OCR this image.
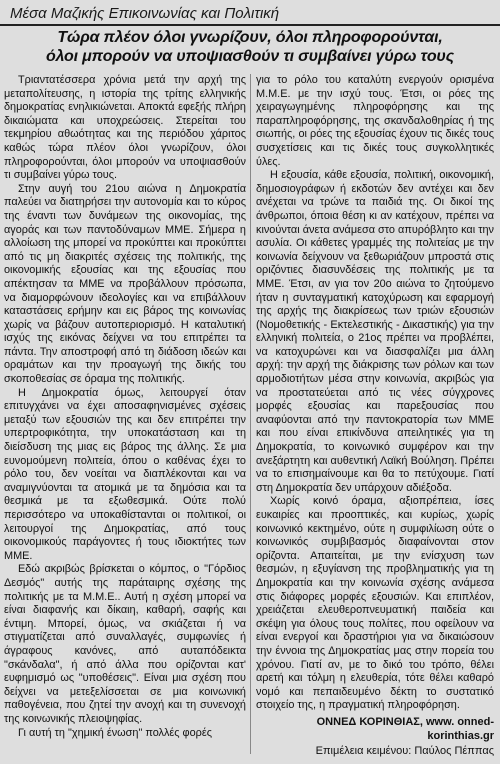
Μέσα Μαζικής Επικοινωνίας και Πολιτική
Τώρα πλέον όλοι γνωρίζουν, όλοι πληροφορούνται,
όλοι μπορούν να υποψιασθούν τι συμβαίνει γύρω τους

Τριαντατέσσερα χρόνια μετά την αρχή της μεταπολίτευσης, η ιστορία της τρίτης ελληνικής δημοκρατίας ενηλικιώνεται. Αποκτά εφεξής πλήρη δικαιώματα και υποχρεώσεις. Στερείται του τεκμηρίου αθωότητας και της περιόδου χάριτος καθώς τώρα πλέον όλοι γνωρίζουν, όλοι πληροφορούνται, όλοι μπορούν να υποψιασθούν τι συμβαίνει γύρω τους.

Στην αυγή του 21ου αιώνα η Δημοκρατία παλεύει να διατηρήσει την αυτονομία και το κύρος της έναντι των δυνάμεων της οικονομίας, της αγοράς και των παντοδύναμων ΜΜΕ. Σήμερα η αλλοίωση της μπορεί να προκύπτει και προκύπτει από τις μη διακριτές σχέσεις της πολιτικής, της οικονομικής εξουσίας και της εξουσίας που απέκτησαν τα ΜΜΕ να προβάλλουν πρόσωπα, να διαμορφώνουν ιδεολογίες και να επιβάλλουν καταστάσεις ερήμην και εις βάρος της κοινωνίας χωρίς να βάζουν αυτοπεριορισμό. Η καταλυτική ισχύς της εικόνας δείχνει να του επιτρέπει τα πάντα. Την αποστροφή από τη διάδοση ιδεών και οραμάτων και την προαγωγή της δικής του σκοποθεσίας σε όραμα της πολιτικής.

Η Δημοκρατία όμως, λειτουργεί όταν επιτυγχάνει να έχει αποσαφηνισμένες σχέσεις μεταξύ των εξουσιών της και δεν επιτρέπει την υπερτροφικότητα, την υποκατάσταση και τη διείσδυση της μιας εις βάρος της άλλης. Σε μια ευνομούμενη πολιτεία, όπου ο καθένας έχει το ρόλο του, δεν νοείται να διαπλέκονται και να αναμιγνύονται τα ατομικά με τα δημόσια και τα θεσμικά με τα εξωθεσμικά. Ούτε πολύ περισσότερο να υποκαθίστανται οι πολιτικοί, οι λειτουργοί της Δημοκρατίας, από τους οικονομικούς παράγοντες ή τους ιδιοκτήτες των ΜΜΕ.

Εδώ ακριβώς βρίσκεται ο κόμπος, ο "Γόρδιος Δεσμός" αυτής της παράταιρης σχέσης της πολιτικής με τα Μ.Μ.Ε.. Αυτή η σχέση μπορεί να είναι διαφανής και δίκαιη, καθαρή, σαφής και έντιμη. Μπορεί, όμως, να σκιάζεται ή να στιγματίζεται από συναλλαγές, συμφωνίες ή άγραφους κανόνες, από αυταπόδεικτα "σκάνδαλα", ή από άλλα που ορίζονται κατ' ευφημισμό ως "υποθέσεις". Είναι μια σχέση που δείχνει να μετεξελίσσεται σε μια κοινωνική παθογένεια, που ζητεί την ανοχή και τη συνενοχή της κοινωνικής πλειοψηφίας.

Γι αυτή τη "χημική ένωση" πολλές φορές

για το ρόλο του καταλύτη ενεργούν ορισμένα Μ.Μ.Ε. με την ισχύ τους. Έτσι, οι ρόες της χειραγωγημένης πληροφόρησης και της παραπληροφόρησης, της σκανδαλοθηρίας ή της σιωπής, οι ρόες της εξουσίας έχουν τις δικές τους συσχετίσεις και τις δικές τους συγκολλητικές ύλες.

Η εξουσία, κάθε εξουσία, πολιτική, οικονομική, δημοσιογράφων ή εκδοτών δεν αντέχει και δεν ανέχεται να τρώνε τα παιδιά της. Οι δικοί της άνθρωποι, όποια θέση κι αν κατέχουν, πρέπει να κινούνται άνετα ανάμεσα στο απυρόβλητο και την ασυλία. Οι κάθετες γραμμές της πολιτείας με την κοινωνία δείχνουν να ξεθωριάζουν μπροστά στις οριζόντιες διασυνδέσεις της πολιτικής με τα ΜΜΕ. Έτσι, αν για τον 20ο αιώνα το ζητούμενο ήταν η συνταγματική κατοχύρωση και εφαρμογή της αρχής της διακρίσεως των τριών εξουσιών (Νομοθετικής - Εκτελεστικής - Δικαστικής) για την ελληνική πολιτεία, ο 21ος πρέπει να προβλέπει, να κατοχυρώνει και να διασφαλίζει μια άλλη αρχή: την αρχή της διάκρισης των ρόλων και των αρμοδιοτήτων μέσα στην κοινωνία, ακριβώς για να προστατεύεται από τις νέες σύγχρονες μορφές εξουσίας και παρεξουσίας που αναφύονται από την παντοκρατορία των ΜΜΕ και που είναι επικίνδυνα απειλητικές για τη Δημοκρατία, το κοινωνικό συμφέρον και την ανεξάρτητη και αυθεντική Λαϊκή Βούληση. Πρέπει να το επισημαίνουμε και θα το πετύχουμε. Γιατί στη Δημοκρατία δεν υπάρχουν αδιέξοδα.

Χωρίς κοινό όραμα, αξιοπρέπεια, ίσες ευκαιρίες και προοπτικές, και κυρίως, χωρίς κοινωνικό κεκτημένο, ούτε η συμφιλίωση ούτε ο κοινωνικός συμβιβασμός διαφαίνονται στον ορίζοντα. Απαιτείται, με την ενίσχυση των θεσμών, η εξυγίανση της προβληματικής για τη Δημοκρατία και την κοινωνία σχέσης ανάμεσα στις διάφορες μορφές εξουσιών. Και επιπλέον, χρειάζεται ελευθεροπνευματική παιδεία και σκέψη για όλους τους πολίτες, που οφείλουν να είναι ενεργοί και δραστήριοι για να δικαιώσουν την έννοια της Δημοκρατίας μας στην πορεία του χρόνου. Γιατί αν, με το δικό του τρόπο, θέλει αρετή και τόλμη η ελευθερία, τότε θέλει καθαρό νομό και πεπαιδευμένο δέκτη το συστατικό στοιχείο της, η πραγματική πληροφόρηση.

ΟΝΝΕΔ ΚΟΡΙΝΘΙΑΣ, www. onned-korinthias.gr
Επιμέλεια κειμένου: Παύλος Πέππας
